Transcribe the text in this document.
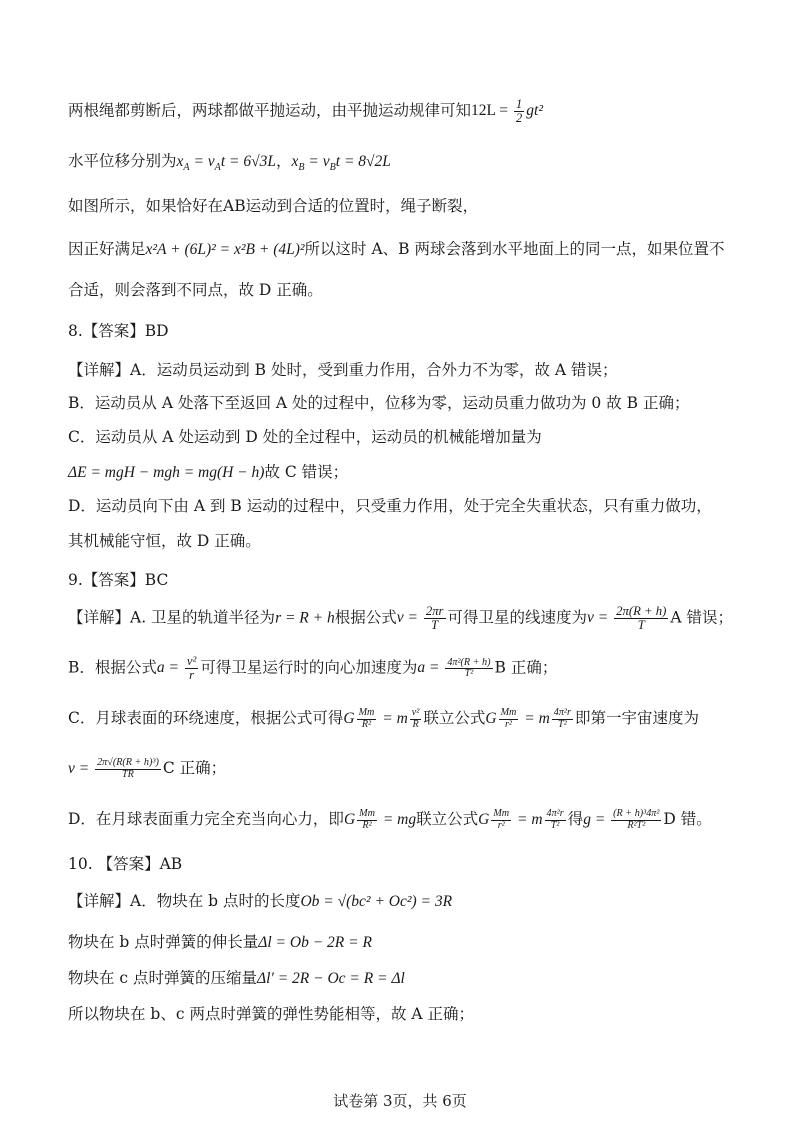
两根绳都剪断后，两球都做平抛运动，由平抛运动规律可知$12L = \frac{1}{2} gt^2$
水平位移分别为$x_A = v_At = 6√3L$，$x_B = v_Bt = 8√2L$
如图所示，如果恰好在AB运动到合适的位置时，绳子断裂，
因正好满足x²A + (6L)² = x²B + (4L)²所以这时 A、B 两球会落到水平地面上的同一点，如果位置不
合适，则会落到不同点，故 D 正确。
8.【答案】BD
【详解】A．运动员运动到 B 处时，受到重力作用，合外力不为零，故 A 错误；
B．运动员从 A 处落下至返回 A 处的过程中，位移为零，运动员重力做功为 0 故 B 正确；
C．运动员从 A 处运动到 D 处的全过程中，运动员的机械能增加量为
ΔE = mgH − mgh = mg(H − h)故 C 错误；
D．运动员向下由 A 到 B 运动的过程中，只受重力作用，处于完全失重状态，只有重力做功，
其机械能守恒，故 D 正确。
9.【答案】BC
【详解】A. 卫星的轨道半径为r = R + h根据公式$v = \frac{2\pi r}{T}$ 可得卫星的线速度为$v = \frac{2\pi(R + h)}{T}$ A 错误；
B．根据公式$a = \frac{\text{v²}}{r}$ 可得卫星运行时的向心加速度为$a = \frac{\text{4π²(R + h)}}{\text{T²}}$ B 正确；
C．月球表面的环绕速度，根据公式可得G $\frac{Mm}{\text{R²}} = m \frac{\text{v²}}{R}$ 联立公式G $\frac{Mm}{\text{r²}} = m \frac{\text{4π²r}}{\text{T²}}$ 即第一宇宙速度为
$v = \frac{\text{2π√(R(R + h)³)}}{TR}$ C 正确；
D．在月球表面重力完全充当向心力，即G $\frac{Mm}{\text{R²}}$ = mg联立公式G $\frac{Mm}{\text{r²}} = m \frac{\text{4π²r}}{\text{T²}}$ 得$g = \frac{\text{(R + h)³4π²}}{\text{R²T²}}$ D 错。
10. 【答案】AB
【详解】A．物块在 b 点时的长度Ob = √(bc² + Oc²) = 3R
物块在 b 点时弹簧的伸长量Δl = Ob − 2R = R
物块在 c 点时弹簧的压缩量Δl′ = 2R − Oc = R = Δl
所以物块在 b、c 两点时弹簧的弹性势能相等，故 A 正确；
试卷第 3页，共 6页
